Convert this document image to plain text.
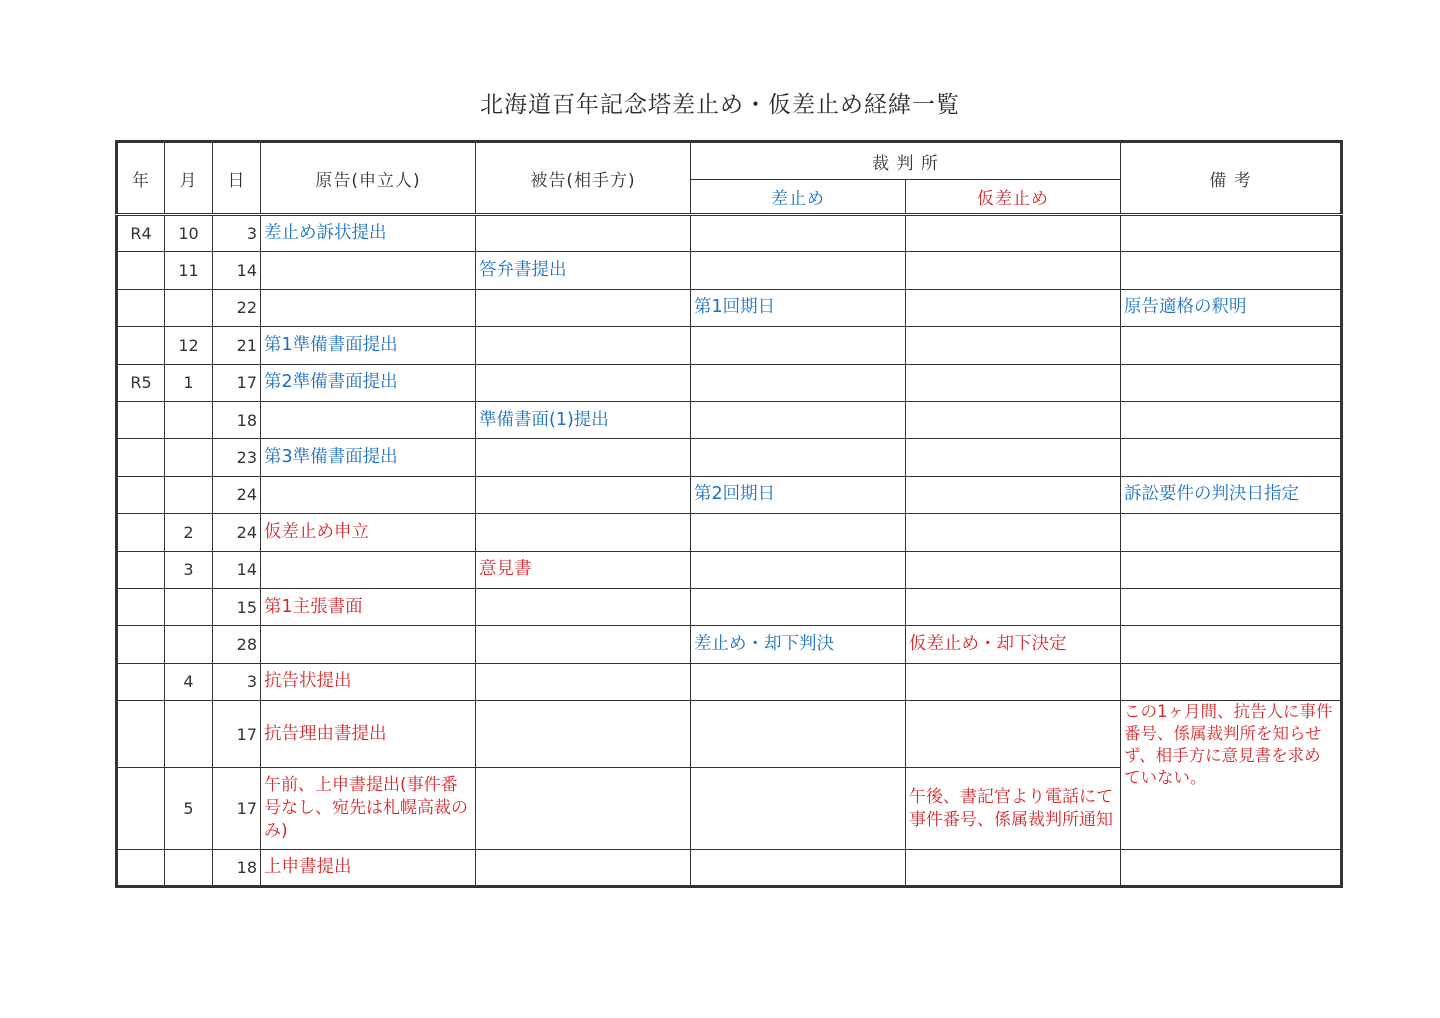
北海道百年記念塔差止め・仮差止め経緯一覧
年	月	日	原告(申立人)	被告(相手方)	裁 判 所		備 考
					差止め	仮差止め	
R4	10	3	差止め訴状提出				
	11	14		答弁書提出			
		22			第1回期日		原告適格の釈明
	12	21	第1準備書面提出				
R5	1	17	第2準備書面提出				
		18		準備書面(1)提出			
		23	第3準備書面提出				
		24			第2回期日		訴訟要件の判決日指定
	2	24	仮差止め申立				
	3	14		意見書			
		15	第1主張書面				
		28			差止め・却下判決	仮差止め・却下決定	
	4	3	抗告状提出				
		17	抗告理由書提出				この1ヶ月間、抗告人に事件番号、係属裁判所を知らせず、相手方に意見書を求めていない。
	5	17	午前、上申書提出(事件番号なし、宛先は札幌高裁のみ)			午後、書記官より電話にて事件番号、係属裁判所通知	
		18	上申書提出				
